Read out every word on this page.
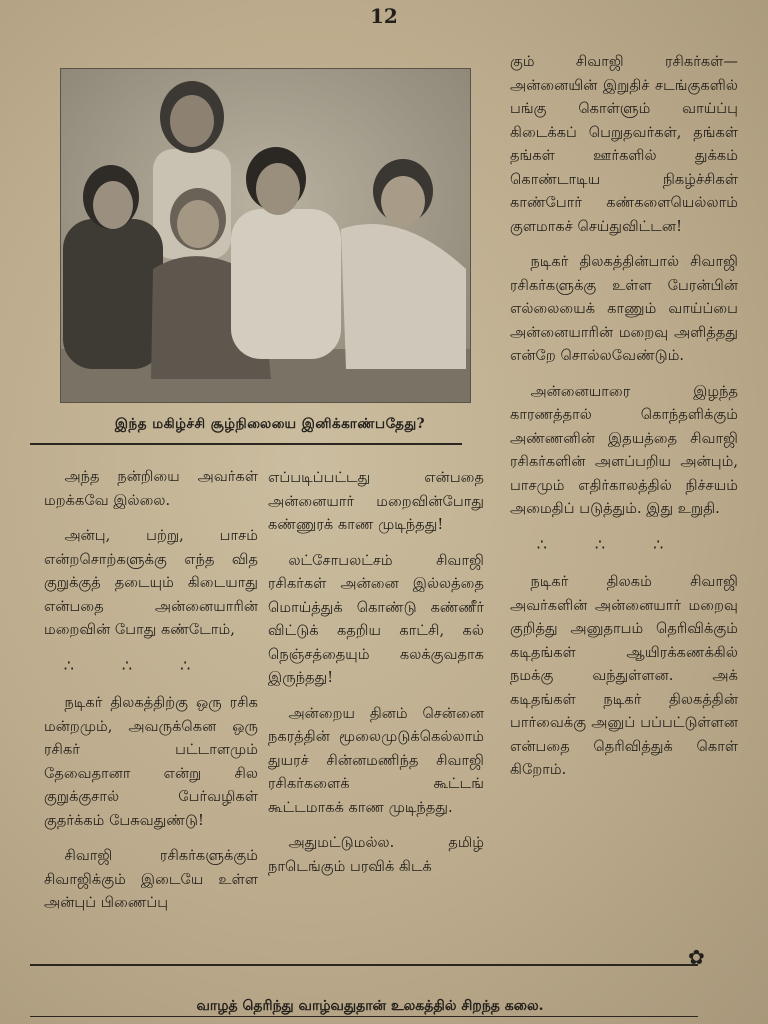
12
இந்த மகிழ்ச்சி சூழ்நிலையை இனிக்காண்பதேது?

அந்த நன்றியை அவர்கள் மறக்கவே இல்லை.

அன்பு, பற்று, பாசம் என்றசொற்களுக்கு எந்த வித குறுக்குத் தடையும் கிடையாது என்பதை அன்னையாரின் மறைவின் போது கண்டோம்,

∴∴∴

நடிகர் திலகத்திற்கு ஒரு ரசிக மன்றமும், அவருக்கென ஒரு ரசிகர் பட்டாளமும் தேவைதானா என்று சில குறுக்குசால் பேர்வழிகள் குதர்க்கம் பேசுவதுண்டு!

சிவாஜி ரசிகர்களுக்கும் சிவாஜிக்கும் இடையே உள்ள அன்புப் பிணைப்பு

எப்படிப்பட்டது என்பதை அன்னையார் மறைவின்போது கண்ணுரக் காண முடிந்தது!

லட்சோபலட்சம் சிவாஜி ரசிகர்கள் அன்னை இல்லத்தை மொய்த்துக் கொண்டு கண்ணீர் விட்டுக் கதறிய காட்சி, கல் நெஞ்சத்தையும் கலக்குவதாக இருந்தது!

அன்றைய தினம் சென்னை நகரத்தின் மூலைமுடுக்கெல்லாம் துயரச் சின்னமணிந்த சிவாஜி ரசிகர்களைக் கூட்டங் கூட்டமாகக் காண முடிந்தது.

அதுமட்டுமல்ல. தமிழ் நாடெங்கும் பரவிக் கிடக்

கும் சிவாஜி ரசிகர்கள்—அன்னையின் இறுதிச் சடங்குகளில் பங்கு கொள்ளும் வாய்ப்பு கிடைக்கப் பெறுதவர்கள், தங்கள் தங்கள் ஊர்களில் துக்கம் கொண்டாடிய நிகழ்ச்சிகள் காண்போர் கண்களையெல்லாம் குளமாகச் செய்துவிட்டன!

நடிகர் திலகத்தின்பால் சிவாஜி ரசிகர்களுக்கு உள்ள பேரன்பின் எல்லையைக் காணும் வாய்ப்பை அன்னையாரின் மறைவு அளித்தது என்றே சொல்லவேண்டும்.

அன்னையாரை இழந்த காரணத்தால் கொந்தளிக்கும் அண்ணனின் இதயத்தை சிவாஜி ரசிகர்களின் அளப்பறிய அன்பும், பாசமும் எதிர்காலத்தில் நிச்சயம் அமைதிப் படுத்தும். இது உறுதி.

∴∴∴

நடிகர் திலகம் சிவாஜி அவர்களின் அன்னையார் மறைவு குறித்து அனுதாபம் தெரிவிக்கும் கடிதங்கள் ஆயிரக்கணக்கில் நமக்கு வந்துள்ளன. அக் கடிதங்கள் நடிகர் திலகத்தின் பார்வைக்கு அனுப் பப்பட்டுள்ளன என்பதை தெரிவித்துக் கொள் கிறோம்.

✿
வாழத் தெரிந்து வாழ்வதுதான் உலகத்தில் சிறந்த கலை.
